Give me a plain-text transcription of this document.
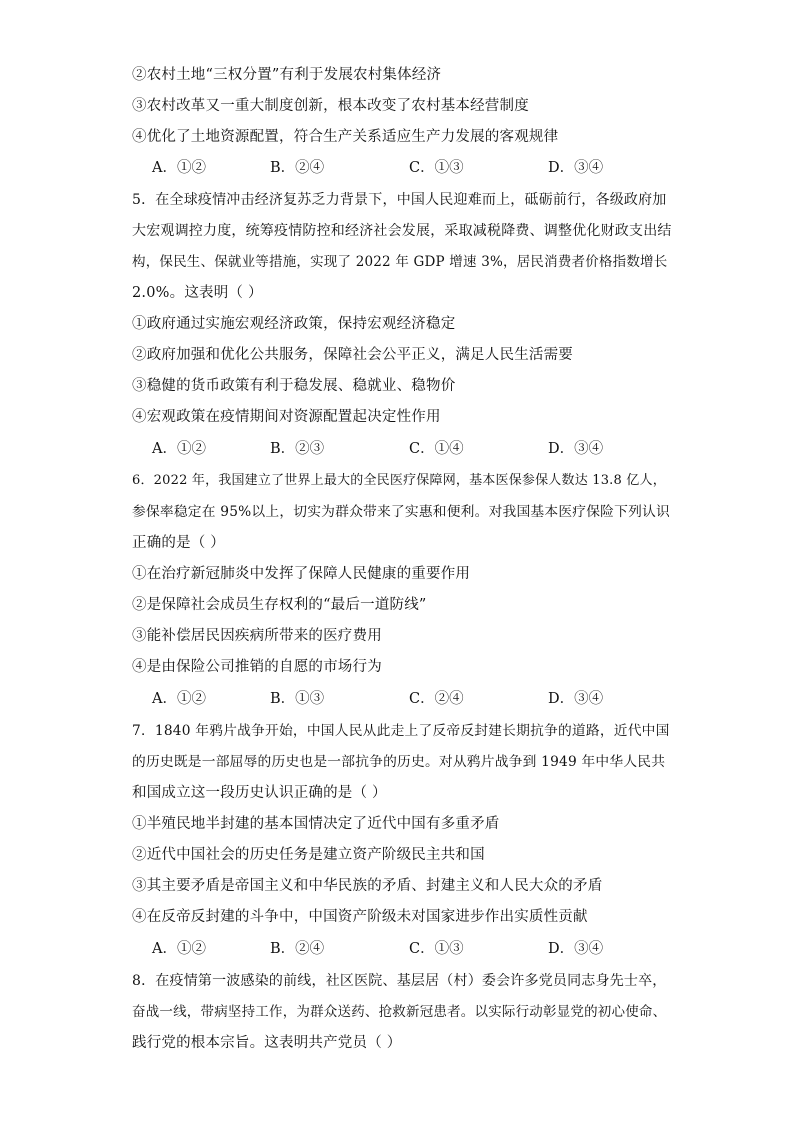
②农村土地“三权分置”有利于发展农村集体经济
③农村改革又一重大制度创新，根本改变了农村基本经营制度
④优化了土地资源配置，符合生产关系适应生产力发展的客观规律
A．①②	B．②④	C．①③	D．③④
5．在全球疫情冲击经济复苏乏力背景下，中国人民迎难而上，砥砺前行，各级政府加
大宏观调控力度，统筹疫情防控和经济社会发展，采取减税降费、调整优化财政支出结
构，保民生、保就业等措施，实现了 2022 年 GDP 增速 3%，居民消费者价格指数增长
2.0%。这表明（ ）
①政府通过实施宏观经济政策，保持宏观经济稳定
②政府加强和优化公共服务，保障社会公平正义，满足人民生活需要
③稳健的货币政策有利于稳发展、稳就业、稳物价
④宏观政策在疫情期间对资源配置起决定性作用
A．①②	B．②③	C．①④	D．③④
6．2022 年，我国建立了世界上最大的全民医疗保障网，基本医保参保人数达 13.8 亿人，
参保率稳定在 95%以上，切实为群众带来了实惠和便利。对我国基本医疗保险下列认识
正确的是（ ）
①在治疗新冠肺炎中发挥了保障人民健康的重要作用
②是保障社会成员生存权利的“最后一道防线”
③能补偿居民因疾病所带来的医疗费用
④是由保险公司推销的自愿的市场行为
A．①②	B．①③	C．②④	D．③④
7．1840 年鸦片战争开始，中国人民从此走上了反帝反封建长期抗争的道路，近代中国
的历史既是一部屈辱的历史也是一部抗争的历史。对从鸦片战争到 1949 年中华人民共
和国成立这一段历史认识正确的是（ ）
①半殖民地半封建的基本国情决定了近代中国有多重矛盾
②近代中国社会的历史任务是建立资产阶级民主共和国
③其主要矛盾是帝国主义和中华民族的矛盾、封建主义和人民大众的矛盾
④在反帝反封建的斗争中，中国资产阶级未对国家进步作出实质性贡献
A．①②	B．②④	C．①③	D．③④
8．在疫情第一波感染的前线，社区医院、基层居（村）委会许多党员同志身先士卒，
奋战一线，带病坚持工作，为群众送药、抢救新冠患者。以实际行动彰显党的初心使命、
践行党的根本宗旨。这表明共产党员（ ）
